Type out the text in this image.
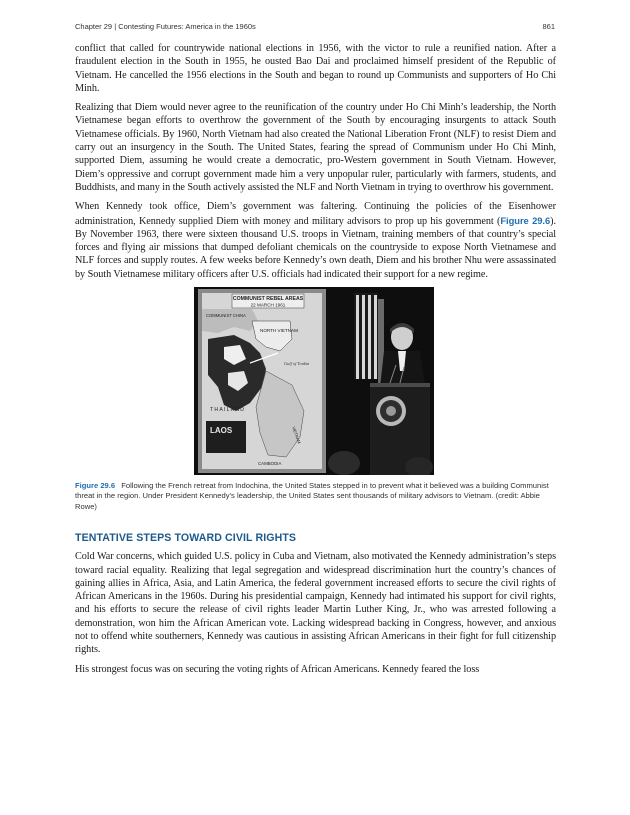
Chapter 29 | Contesting Futures: America in the 1960s	861

conflict that called for countrywide national elections in 1956, with the victor to rule a reunified nation. After a fraudulent election in the South in 1955, he ousted Bao Dai and proclaimed himself president of the Republic of Vietnam. He cancelled the 1956 elections in the South and began to round up Communists and supporters of Ho Chi Minh.

Realizing that Diem would never agree to the reunification of the country under Ho Chi Minh’s leadership, the North Vietnamese began efforts to overthrow the government of the South by encouraging insurgents to attack South Vietnamese officials. By 1960, North Vietnam had also created the National Liberation Front (NLF) to resist Diem and carry out an insurgency in the South. The United States, fearing the spread of Communism under Ho Chi Minh, supported Diem, assuming he would create a democratic, pro-Western government in South Vietnam. However, Diem’s oppressive and corrupt government made him a very unpopular ruler, particularly with farmers, students, and Buddhists, and many in the South actively assisted the NLF and North Vietnam in trying to overthrow his government.

When Kennedy took office, Diem’s government was faltering. Continuing the policies of the Eisenhower administration, Kennedy supplied Diem with money and military advisors to prop up his government (Figure 29.6). By November 1963, there were sixteen thousand U.S. troops in Vietnam, training members of that country’s special forces and flying air missions that dumped defoliant chemicals on the countryside to expose North Vietnamese and NLF forces and supply routes. A few weeks before Kennedy’s own death, Diem and his brother Nhu were assassinated by South Vietnamese military officers after U.S. officials had indicated their support for a new regime.

COMMUNIST REBEL AREAS
22 MARCH 1961
COMMUNIST CHINA
NORTH VIETNAM
Gulf of Tonkin
THAILAND
LAOS	VIETNAM
CAMBODIA
Figure 29.6 Following the French retreat from Indochina, the United States stepped in to prevent what it believed was a building Communist threat in the region. Under President Kennedy’s leadership, the United States sent thousands of military advisors to Vietnam. (credit: Abbie Rowe)
TENTATIVE STEPS TOWARD CIVIL RIGHTS

Cold War concerns, which guided U.S. policy in Cuba and Vietnam, also motivated the Kennedy administration’s steps toward racial equality. Realizing that legal segregation and widespread discrimination hurt the country’s chances of gaining allies in Africa, Asia, and Latin America, the federal government increased efforts to secure the civil rights of African Americans in the 1960s. During his presidential campaign, Kennedy had intimated his support for civil rights, and his efforts to secure the release of civil rights leader Martin Luther King, Jr., who was arrested following a demonstration, won him the African American vote. Lacking widespread backing in Congress, however, and anxious not to offend white southerners, Kennedy was cautious in assisting African Americans in their fight for full citizenship rights.

His strongest focus was on securing the voting rights of African Americans. Kennedy feared the loss
